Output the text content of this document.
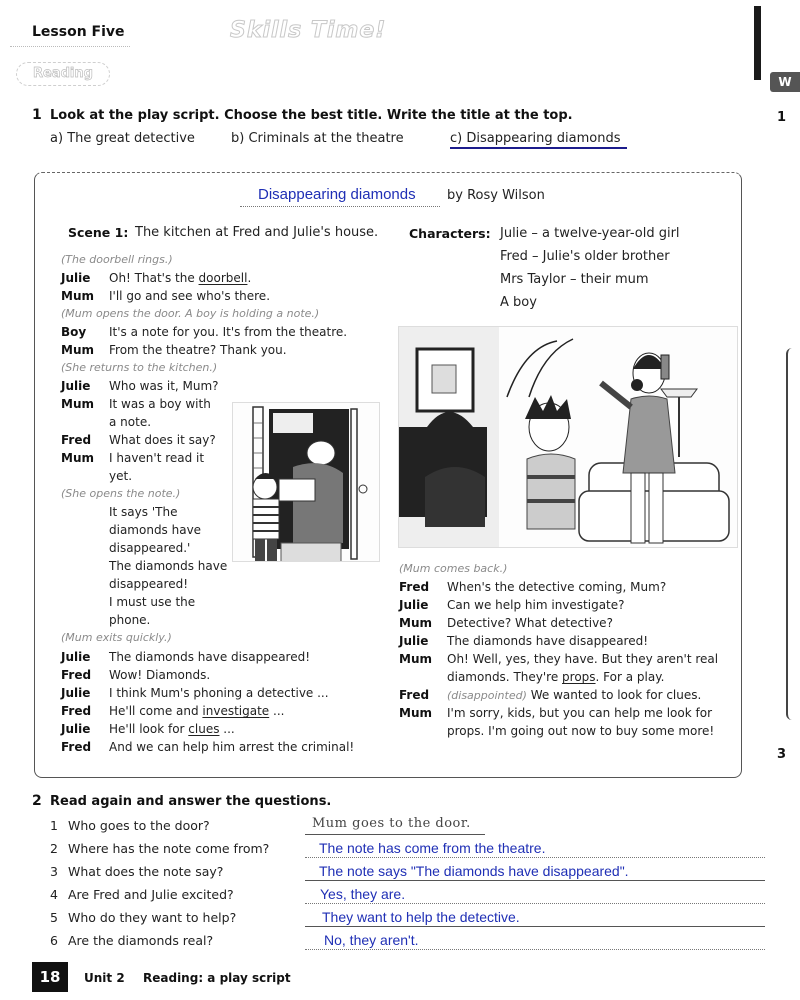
Lesson Five	Skills Time!
Reading
W
1 Look at the play script. Choose the best title. Write the title at the top.	1
a) The great detective	b) Criminals at the theatre	c) Disappearing diamonds
Disappearing diamonds by Rosy Wilson
Scene 1: The kitchen at Fred and Julie's house. Characters: Julie – a twelve-year-old girl
Fred – Julie's older brother
Mrs Taylor – their mum
A boy
(The doorbell rings.)
Julie Oh! That's the doorbell.
Mum I'll go and see who's there.
(Mum opens the door. A boy is holding a note.)
Boy It's a note for you. It's from the theatre.
Mum From the theatre? Thank you.
(She returns to the kitchen.)
Julie Who was it, Mum?
Mum It was a boy with
a note.
Fred What does it say?
Mum I haven't read it
yet.
(She opens the note.)
It says 'The
diamonds have
disappeared.'
The diamonds have
disappeared!
I must use the
phone.
(Mum exits quickly.)
Julie The diamonds have disappeared!
Fred Wow! Diamonds.
Julie I think Mum's phoning a detective ...
Fred He'll come and investigate ...
Julie He'll look for clues ...
Fred And we can help him arrest the criminal!
(Mum comes back.)
Fred When's the detective coming, Mum?
Julie Can we help him investigate?
Mum Detective? What detective?
Julie The diamonds have disappeared!
Mum Oh! Well, yes, they have. But they aren't real
diamonds. They're props. For a play.
Fred (disappointed) We wanted to look for clues.
Mum I'm sorry, kids, but you can help me look for
props. I'm going out now to buy some more!
3
2 Read again and answer the questions.
1 Who goes to the door?	Mum goes to the door.
2 Where has the note come from?	The note has come from the theatre.
3 What does the note say?	The note says "The diamonds have disappeared".
4 Are Fred and Julie excited?	Yes, they are.
5 Who do they want to help?	They want to help the detective.
6 Are the diamonds real?	No, they aren't.
18	Unit 2 Reading: a play script
